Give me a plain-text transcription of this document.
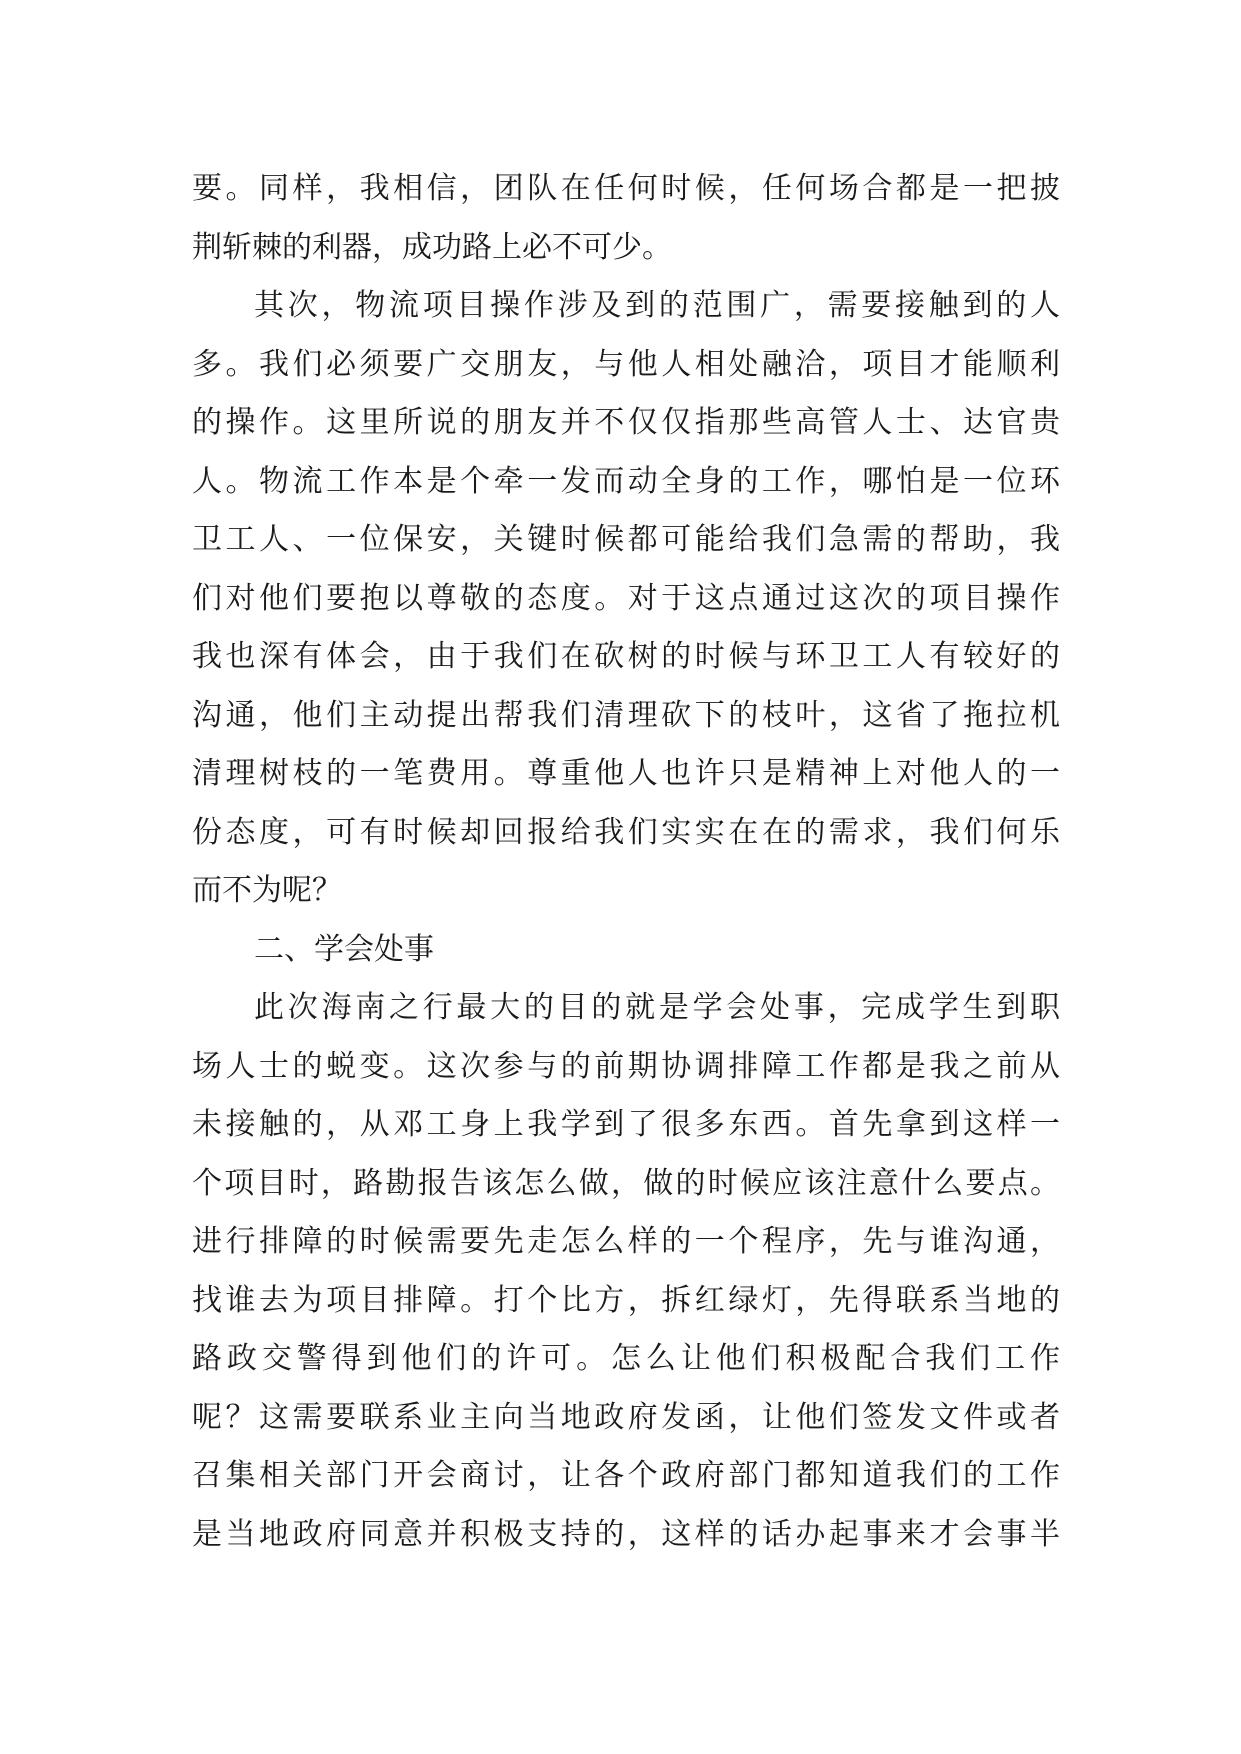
要。同样，我相信，团队在任何时候，任何场合都是一把披
荆斩棘的利器，成功路上必不可少。
其次，物流项目操作涉及到的范围广，需要接触到的人
多。我们必须要广交朋友，与他人相处融洽，项目才能顺利
的操作。这里所说的朋友并不仅仅指那些高管人士、达官贵
人。物流工作本是个牵一发而动全身的工作，哪怕是一位环
卫工人、一位保安，关键时候都可能给我们急需的帮助，我
们对他们要抱以尊敬的态度。对于这点通过这次的项目操作
我也深有体会，由于我们在砍树的时候与环卫工人有较好的
沟通，他们主动提出帮我们清理砍下的枝叶，这省了拖拉机
清理树枝的一笔费用。尊重他人也许只是精神上对他人的一
份态度，可有时候却回报给我们实实在在的需求，我们何乐
而不为呢？
二、学会处事
此次海南之行最大的目的就是学会处事，完成学生到职
场人士的蜕变。这次参与的前期协调排障工作都是我之前从
未接触的，从邓工身上我学到了很多东西。首先拿到这样一
个项目时，路勘报告该怎么做，做的时候应该注意什么要点。
进行排障的时候需要先走怎么样的一个程序，先与谁沟通，
找谁去为项目排障。打个比方，拆红绿灯，先得联系当地的
路政交警得到他们的许可。怎么让他们积极配合我们工作
呢？这需要联系业主向当地政府发函，让他们签发文件或者
召集相关部门开会商讨，让各个政府部门都知道我们的工作
是当地政府同意并积极支持的，这样的话办起事来才会事半
